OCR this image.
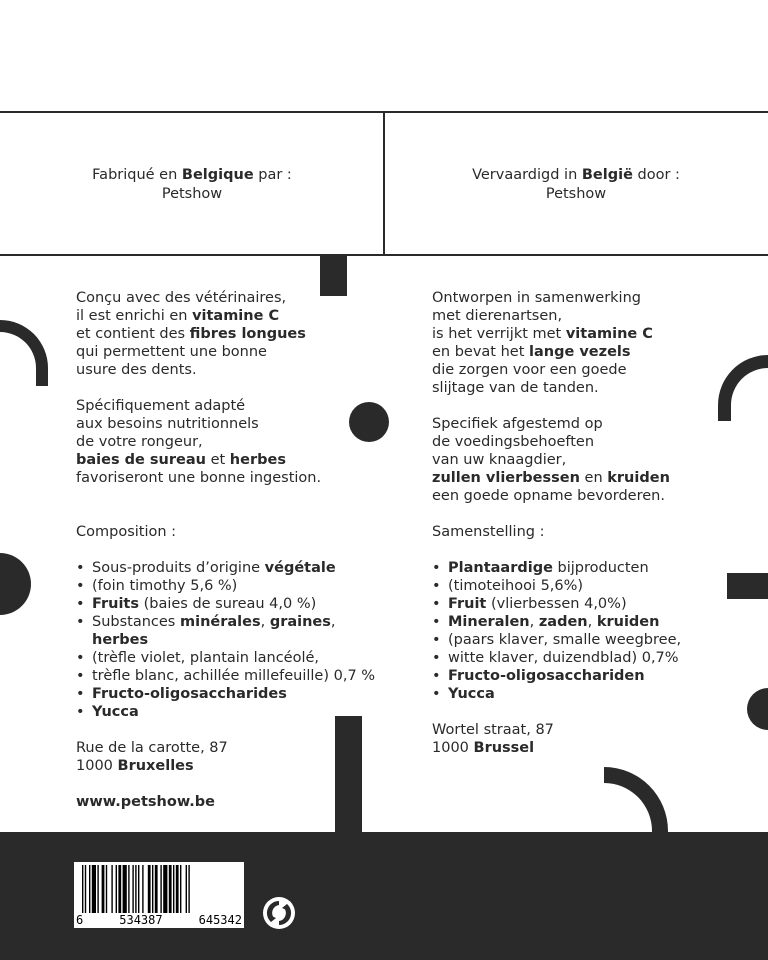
Fabriqué en Belgique par :
Petshow
Vervaardigd in België door :
Petshow
Conçu avec des vétérinaires,
il est enrichi en vitamine C
et contient des fibres longues
qui permettent une bonne
usure des dents.
Spécifiquement adapté
aux besoins nutritionnels
de votre rongeur,
baies de sureau et herbes
favoriseront une bonne ingestion.
Composition :
• Sous-produits d’origine végétale
• (foin timothy 5,6 %)
• Fruits (baies de sureau 4,0 %)
• Substances minérales, graines, herbes
• (trèfle violet, plantain lancéolé,
• trèfle blanc, achillée millefeuille) 0,7 %
• Fructo-oligosaccharides
• Yucca
Rue de la carotte, 87
1000 Bruxelles
www.petshow.be
Ontworpen in samenwerking
met dierenartsen,
is het verrijkt met vitamine C
en bevat het lange vezels
die zorgen voor een goede
slijtage van de tanden.
Specifiek afgestemd op
de voedingsbehoeften
van uw knaagdier,
zullen vlierbessen en kruiden
een goede opname bevorderen.
Samenstelling :
• Plantaardige bijproducten
• (timoteihooi 5,6%)
• Fruit (vlierbessen 4,0%)
• Mineralen, zaden, kruiden
• (paars klaver, smalle weegbree,
• witte klaver, duizendblad) 0,7%
• Fructo-oligosacchariden
• Yucca
Wortel straat, 87
1000 Brussel
6	534387	645342
